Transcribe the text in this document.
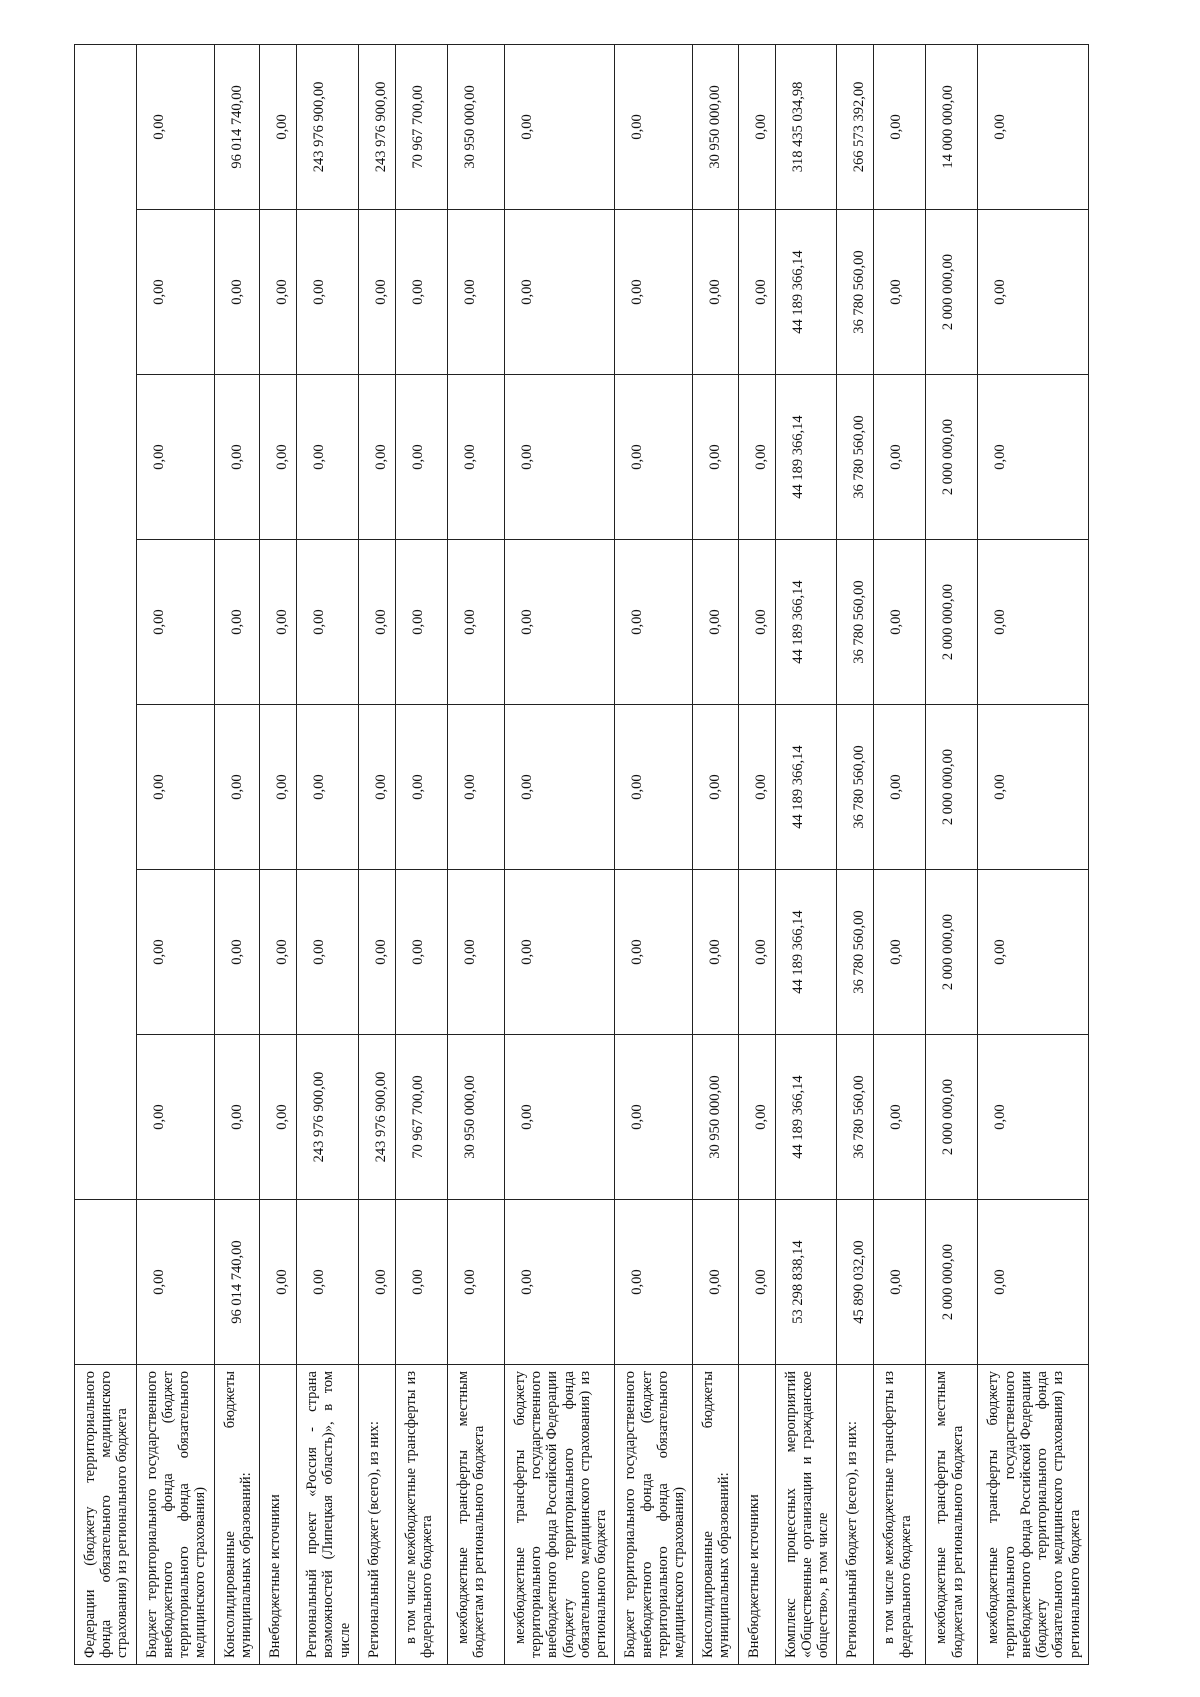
Федерации (бюджету территориального фонда обязательного медицинского страхования) из регионального бюджета								
Бюджет территориального государственного внебюджетного фонда (бюджет территориального фонда обязательного медицинского страхования)	0,00	0,00	0,00	0,00	0,00	0,00	0,00	0,00
Консолидированные бюджеты муниципальных образований:	96 014 740,00	0,00	0,00	0,00	0,00	0,00	0,00	96 014 740,00
Внебюджетные источники	0,00	0,00	0,00	0,00	0,00	0,00	0,00	0,00
Региональный проект «Россия - страна возможностей (Липецкая область)», в том числе	0,00	243 976 900,00	0,00	0,00	0,00	0,00	0,00	243 976 900,00
Региональный бюджет (всего), из них:	0,00	243 976 900,00	0,00	0,00	0,00	0,00	0,00	243 976 900,00
в том числе межбюджетные трансферты из федерального бюджета	0,00	70 967 700,00	0,00	0,00	0,00	0,00	0,00	70 967 700,00
межбюджетные трансферты местным бюджетам из регионального бюджета	0,00	30 950 000,00	0,00	0,00	0,00	0,00	0,00	30 950 000,00
межбюджетные трансферты бюджету территориального государственного внебюджетного фонда Российской Федерации (бюджету территориального фонда обязательного медицинского страхования) из регионального бюджета	0,00	0,00	0,00	0,00	0,00	0,00	0,00	0,00
Бюджет территориального государственного внебюджетного фонда (бюджет территориального фонда обязательного медицинского страхования)	0,00	0,00	0,00	0,00	0,00	0,00	0,00	0,00
Консолидированные бюджеты муниципальных образований:	0,00	30 950 000,00	0,00	0,00	0,00	0,00	0,00	30 950 000,00
Внебюджетные источники	0,00	0,00	0,00	0,00	0,00	0,00	0,00	0,00
Комплекс процессных мероприятий «Общественные организации и гражданское общество», в том числе	53 298 838,14	44 189 366,14	44 189 366,14	44 189 366,14	44 189 366,14	44 189 366,14	44 189 366,14	318 435 034,98
Региональный бюджет (всего), из них:	45 890 032,00	36 780 560,00	36 780 560,00	36 780 560,00	36 780 560,00	36 780 560,00	36 780 560,00	266 573 392,00
в том числе межбюджетные трансферты из федерального бюджета	0,00	0,00	0,00	0,00	0,00	0,00	0,00	0,00
межбюджетные трансферты местным бюджетам из регионального бюджета	2 000 000,00	2 000 000,00	2 000 000,00	2 000 000,00	2 000 000,00	2 000 000,00	2 000 000,00	14 000 000,00
межбюджетные трансферты бюджету территориального государственного внебюджетного фонда Российской Федерации (бюджету территориального фонда обязательного медицинского страхования) из регионального бюджета	0,00	0,00	0,00	0,00	0,00	0,00	0,00	0,00
